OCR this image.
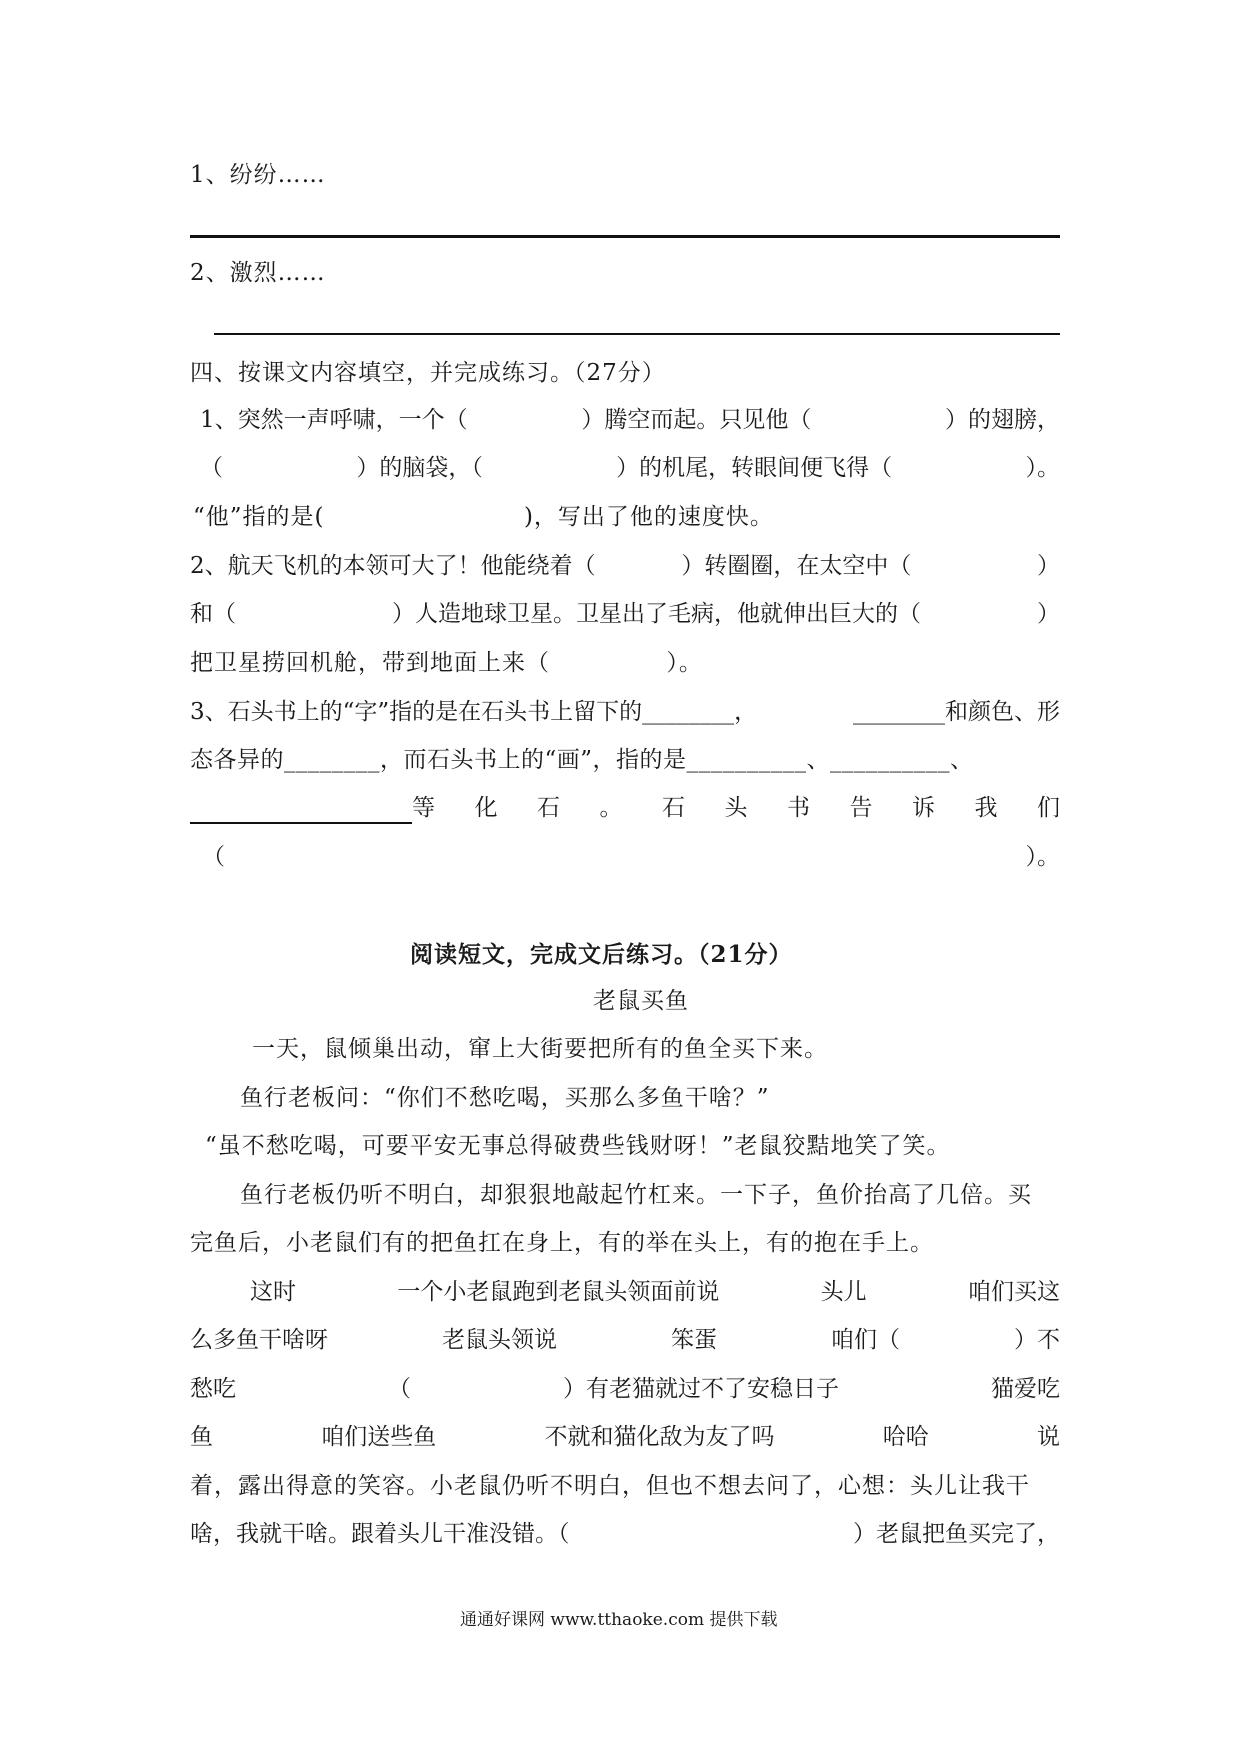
1、纷纷……
2、激烈……
四、按课文内容填空，并完成练习。（27分）
1、突然一声呼啸，一个（	）腾空而起。只见他（	）的翅膀，
（	）的脑袋，（	）的机尾，转眼间便飞得（	）。
“他”指的是(                        )，写出了他的速度快。
2、航天飞机的本领可大了！他能绕着（	）转圈圈，在太空中（	）
和（	）人造地球卫星。卫星出了毛病，他就伸出巨大的（	）
把卫星捞回机舱，带到地面上来（              ）。
3、石头书上的“字”指的是在石头书上留下的________，	________和颜色、形
态各异的________，而石头书上的“画”，指的是__________、__________、
等 化 石 。 石 头 书 告 诉 我 们
（	）。
阅读短文，完成文后练习。（21分）
老鼠买鱼
一天，鼠倾巢出动，窜上大街要把所有的鱼全买下来。
鱼行老板问：“你们不愁吃喝，买那么多鱼干啥？”
“虽不愁吃喝，可要平安无事总得破费些钱财呀！”老鼠狡黠地笑了笑。
鱼行老板仍听不明白，却狠狠地敲起竹杠来。一下子，鱼价抬高了几倍。买
完鱼后，小老鼠们有的把鱼扛在身上，有的举在头上，有的抱在手上。
这时	一个小老鼠跑到老鼠头领面前说	头儿	咱们买这
么多鱼干啥呀	老鼠头领说	笨蛋	咱们（	）不
愁吃	（	）有老猫就过不了安稳日子	猫爱吃
鱼	咱们送些鱼	不就和猫化敌为友了吗	哈哈	说
着，露出得意的笑容。小老鼠仍听不明白，但也不想去问了，心想：头儿让我干
啥，我就干啥。跟着头儿干准没错。（	）老鼠把鱼买完了，
通通好课网 www.tthaoke.com 提供下载
